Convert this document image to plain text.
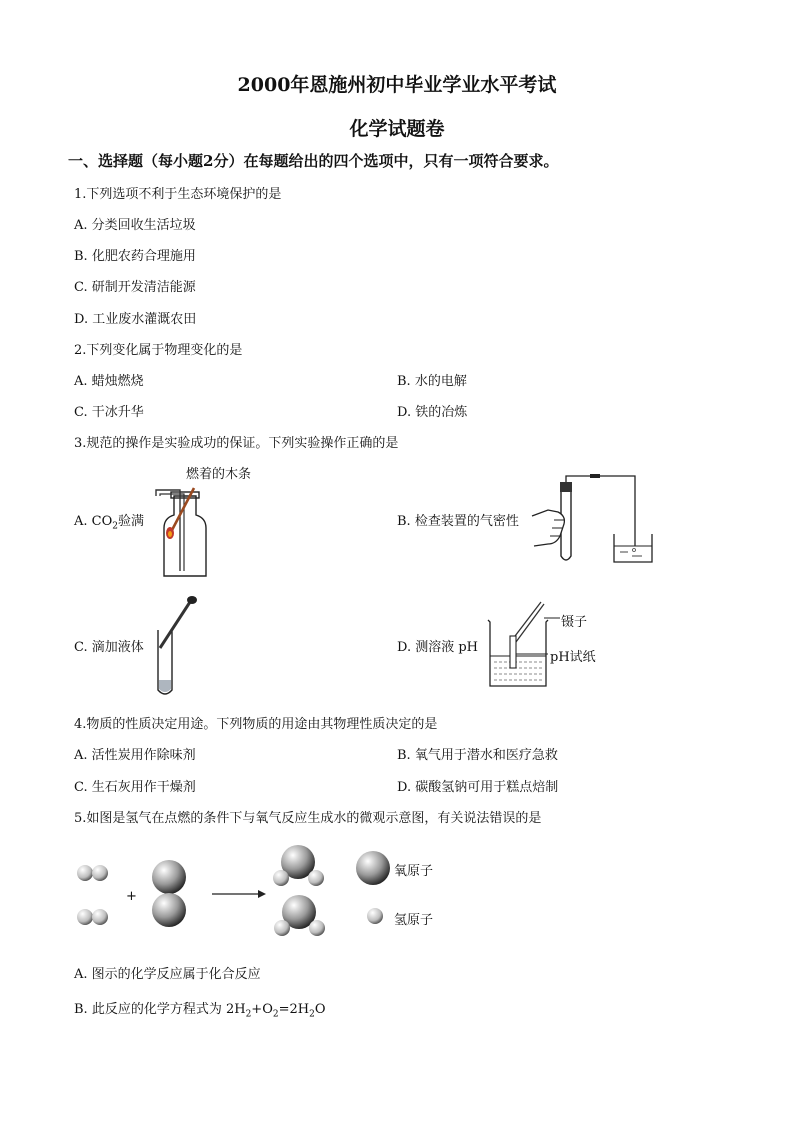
2000年恩施州初中毕业学业水平考试
化学试题卷
一、选择题（每小题2分）在每题给出的四个选项中，只有一项符合要求。
1.下列选项不利于生态环境保护的是
A. 分类回收生活垃圾
B. 化肥农药合理施用
C. 研制开发清洁能源
D. 工业废水灌溉农田
2.下列变化属于物理变化的是
A. 蜡烛燃烧	B. 水的电解
C. 干冰升华	D. 铁的冶炼
3.规范的操作是实验成功的保证。下列实验操作正确的是
燃着的木条
A. $CO_2$验满	B. 检查装置的气密性
C. 滴加液体	D. 测溶液 pH
镊子
pH试纸
4.物质的性质决定用途。下列物质的用途由其物理性质决定的是
A. 活性炭用作除味剂	B. 氧气用于潜水和医疗急救
C. 生石灰用作干燥剂	D. 碳酸氢钠可用于糕点焙制
5.如图是氢气在点燃的条件下与氧气反应生成水的微观示意图，有关说法错误的是
+
氧原子
氢原子
A. 图示的化学反应属于化合反应
B. 此反应的化学方程式为 $2H_2+O_2=2H_2O$
